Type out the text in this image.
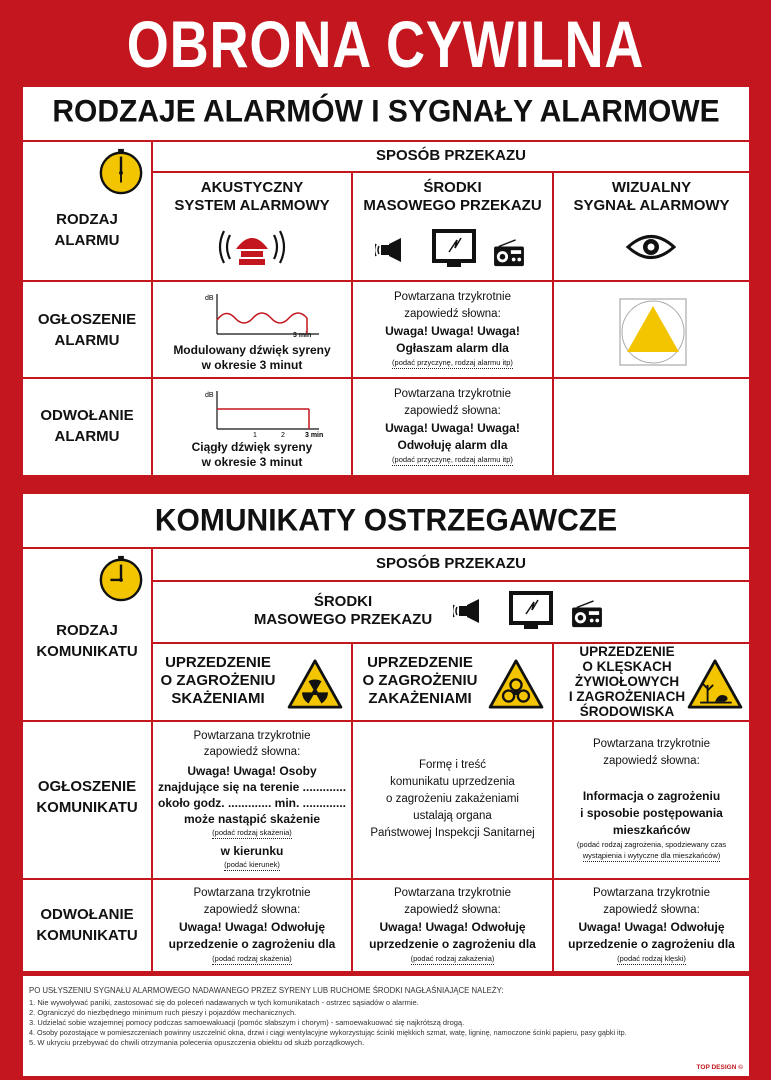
OBRONA CYWILNA
RODZAJE ALARMÓW I SYGNAŁY ALARMOWE
RODZAJ
ALARMU
SPOSÓB PRZEKAZU
AKUSTYCZNY
SYSTEM ALARMOWY
ŚRODKI
MASOWEGO PRZEKAZU
WIZUALNY
SYGNAŁ ALARMOWY
OGŁOSZENIE
ALARMU
dB
3 min
Modulowany dźwięk syreny
w okresie 3 minut
Powtarzana trzykrotnie
zapowiedź słowna:
Uwaga! Uwaga! Uwaga!
Ogłaszam alarm dla
(podać przyczynę, rodzaj alarmu itp)
ODWOŁANIE
ALARMU
dB
1	2	3 min
Ciągły dźwięk syreny
w okresie 3 minut
Powtarzana trzykrotnie
zapowiedź słowna:
Uwaga! Uwaga! Uwaga!
Odwołuję alarm dla
(podać przyczynę, rodzaj alarmu itp)
KOMUNIKATY OSTRZEGAWCZE
RODZAJ
KOMUNIKATU
SPOSÓB PRZEKAZU
ŚRODKI
MASOWEGO PRZEKAZU
UPRZEDZENIE
O ZAGROŻENIU
SKAŻENIAMI
UPRZEDZENIE
O ZAGROŻENIU
ZAKAŻENIAMI
UPRZEDZENIE
O KLĘSKACH
ŻYWIOŁOWYCH
I ZAGROŻENIACH
ŚRODOWISKA
OGŁOSZENIE
KOMUNIKATU
Powtarzana trzykrotnie
zapowiedź słowna:
Uwaga! Uwaga! Osoby
znajdujące się na terenie .............
około godz. ............. min. .............
może nastąpić skażenie
(podać rodzaj skażenia)
w kierunku
(podać kierunek)
Formę i treść
komunikatu uprzedzenia
o zagrożeniu zakażeniami
ustalają organa
Państwowej Inspekcji Sanitarnej
Powtarzana trzykrotnie
zapowiedź słowna:
Informacja o zagrożeniu
i sposobie postępowania
mieszkańców
(podać rodzaj zagrożenia, spodziewany czas
wystąpienia i wytyczne dla mieszkańców)
ODWOŁANIE
KOMUNIKATU
Powtarzana trzykrotnie
zapowiedź słowna:
Uwaga! Uwaga! Odwołuję
uprzedzenie o zagrożeniu dla
(podać rodzaj skażenia)
Powtarzana trzykrotnie
zapowiedź słowna:
Uwaga! Uwaga! Odwołuję
uprzedzenie o zagrożeniu dla
(podać rodzaj zakażenia)
Powtarzana trzykrotnie
zapowiedź słowna:
Uwaga! Uwaga! Odwołuję
uprzedzenie o zagrożeniu dla
(podać rodzaj klęski)
PO USŁYSZENIU SYGNAŁU ALARMOWEGO NADAWANEGO PRZEZ SYRENY LUB RUCHOME ŚRODKI NAGŁAŚNIAJĄCE NALEŻY:
1. Nie wywoływać paniki, zastosować się do poleceń nadawanych w tych komunikatach - ostrzec sąsiadów o alarmie.
2. Ograniczyć do niezbędnego minimum ruch pieszy i pojazdów mechanicznych.
3. Udzielać sobie wzajemnej pomocy podczas samoewakuacji (pomóc słabszym i chorym) - samoewakuować się najkrótszą drogą.
4. Osoby pozostające w pomieszczeniach powinny uszczelnić okna, drzwi i ciągi wentylacyjne wykorzystując ścinki miękkich szmat, watę, ligninę, namoczone ścinki papieru, pasy gąbki itp.
5. W ukryciu przebywać do chwili otrzymania polecenia opuszczenia obiektu od służb porządkowych.
TOP DESIGN ©
